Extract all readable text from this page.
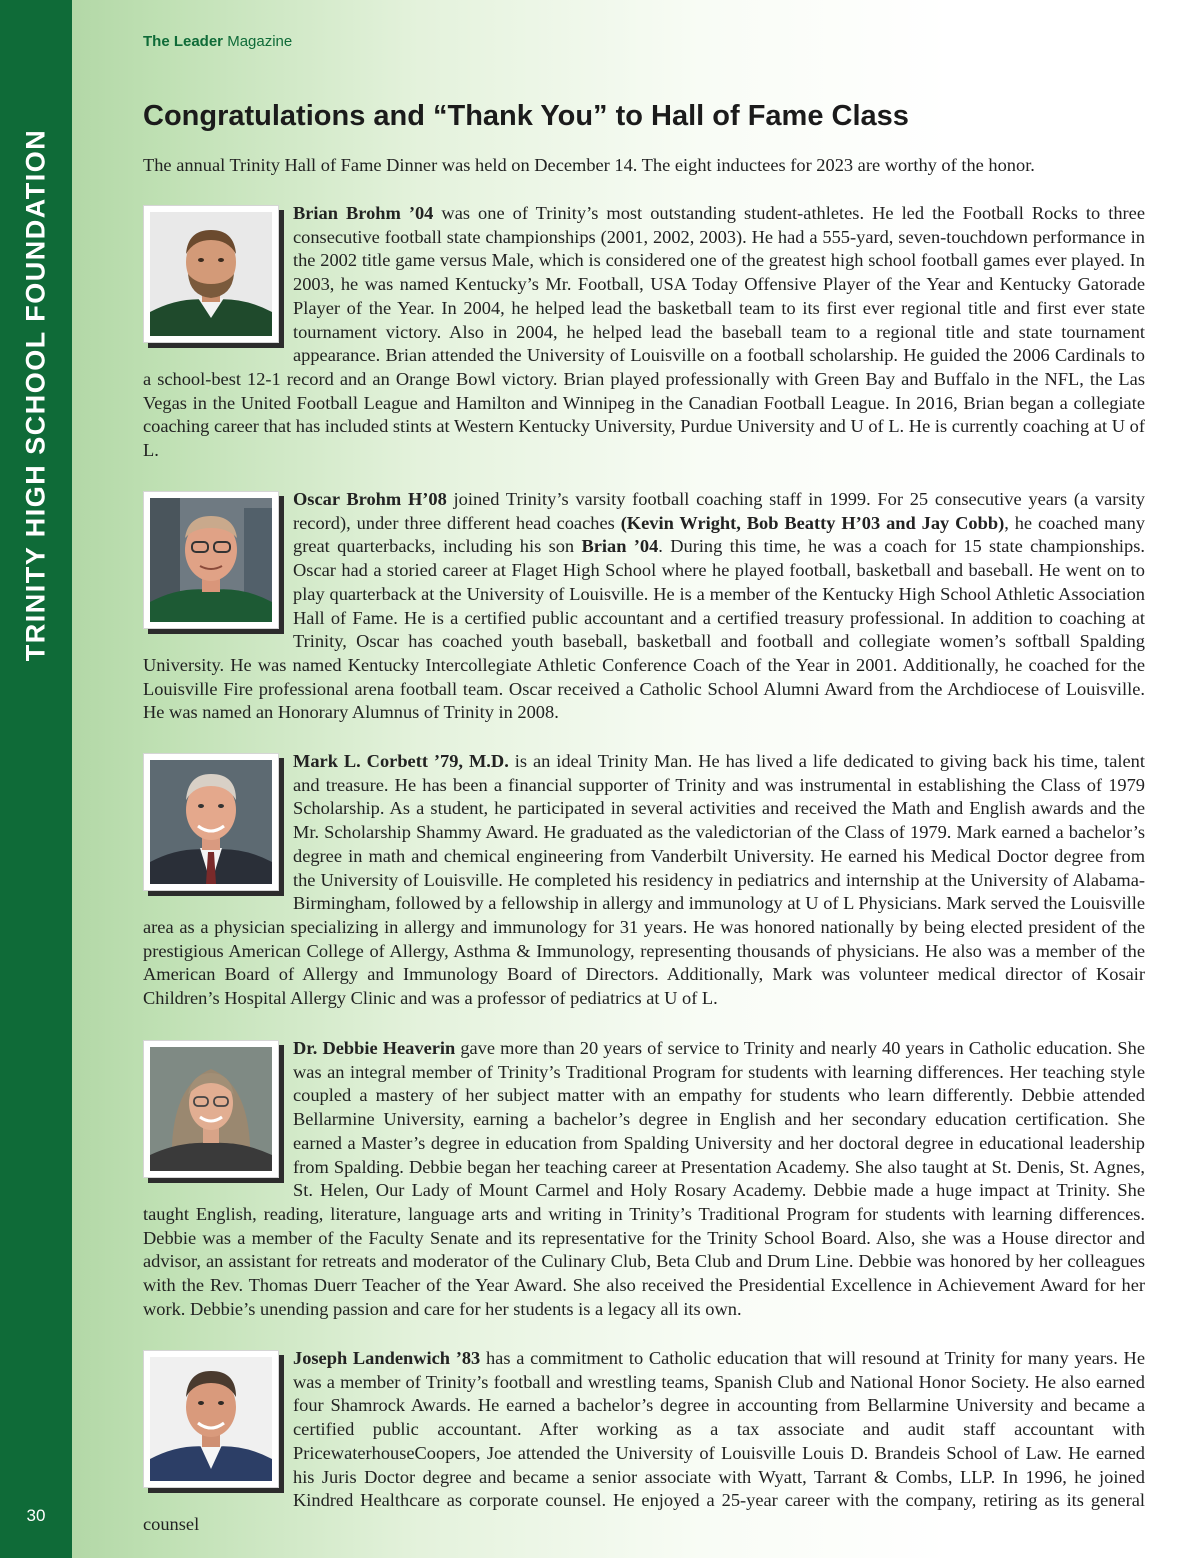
TRINITY HIGH SCHOOL FOUNDATION
30
The Leader Magazine
Congratulations and “Thank You” to Hall of Fame Class
The annual Trinity Hall of Fame Dinner was held on December 14. The eight inductees for 2023 are worthy of the honor.
Brian Brohm ’04 was one of Trinity’s most outstanding student-athletes. He led the Football Rocks to three consecutive football state championships (2001, 2002, 2003). He had a 555-yard, seven-touchdown performance in the 2002 title game versus Male, which is considered one of the greatest high school football games ever played. In 2003, he was named Kentucky’s Mr. Football, USA Today Offensive Player of the Year and Kentucky Gatorade Player of the Year. In 2004, he helped lead the basketball team to its first ever regional title and first ever state tournament victory. Also in 2004, he helped lead the baseball team to a regional title and state tournament appearance. Brian attended the University of Louisville on a football scholarship. He guided the 2006 Cardinals to a school-best 12-1 record and an Orange Bowl victory. Brian played professionally with Green Bay and Buffalo in the NFL, the Las Vegas in the United Football League and Hamilton and Winnipeg in the Canadian Football League. In 2016, Brian began a collegiate coaching career that has included stints at Western Kentucky University, Purdue University and U of L. He is currently coaching at U of L.
Oscar Brohm H’08 joined Trinity’s varsity football coaching staff in 1999. For 25 consecutive years (a varsity record), under three different head coaches (Kevin Wright, Bob Beatty H’03 and Jay Cobb), he coached many great quarterbacks, including his son Brian ’04. During this time, he was a coach for 15 state championships. Oscar had a storied career at Flaget High School where he played football, basketball and baseball. He went on to play quarterback at the University of Louisville. He is a member of the Kentucky High School Athletic Association Hall of Fame. He is a certified public accountant and a certified treasury professional. In addition to coaching at Trinity, Oscar has coached youth baseball, basketball and football and collegiate women’s softball Spalding University. He was named Kentucky Intercollegiate Athletic Conference Coach of the Year in 2001. Additionally, he coached for the Louisville Fire professional arena football team. Oscar received a Catholic School Alumni Award from the Archdiocese of Louisville. He was named an Honorary Alumnus of Trinity in 2008.
Mark L. Corbett ’79, M.D. is an ideal Trinity Man. He has lived a life dedicated to giving back his time, talent and treasure. He has been a financial supporter of Trinity and was instrumental in establishing the Class of 1979 Scholarship. As a student, he participated in several activities and received the Math and English awards and the Mr. Scholarship Shammy Award. He graduated as the valedictorian of the Class of 1979. Mark earned a bachelor’s degree in math and chemical engineering from Vanderbilt University. He earned his Medical Doctor degree from the University of Louisville. He completed his residency in pediatrics and internship at the University of Alabama-Birmingham, followed by a fellowship in allergy and immunology at U of L Physicians. Mark served the Louisville area as a physician specializing in allergy and immunology for 31 years. He was honored nationally by being elected president of the prestigious American College of Allergy, Asthma & Immunology, representing thousands of physicians. He also was a member of the American Board of Allergy and Immunology Board of Directors. Additionally, Mark was volunteer medical director of Kosair Children’s Hospital Allergy Clinic and was a professor of pediatrics at U of L.
Dr. Debbie Heaverin gave more than 20 years of service to Trinity and nearly 40 years in Catholic education. She was an integral member of Trinity’s Traditional Program for students with learning differences. Her teaching style coupled a mastery of her subject matter with an empathy for students who learn differently. Debbie attended Bellarmine University, earning a bachelor’s degree in English and her secondary education certification. She earned a Master’s degree in education from Spalding University and her doctoral degree in educational leadership from Spalding. Debbie began her teaching career at Presentation Academy. She also taught at St. Denis, St. Agnes, St. Helen, Our Lady of Mount Carmel and Holy Rosary Academy. Debbie made a huge impact at Trinity. She taught English, reading, literature, language arts and writing in Trinity’s Traditional Program for students with learning differences. Debbie was a member of the Faculty Senate and its representative for the Trinity School Board. Also, she was a House director and advisor, an assistant for retreats and moderator of the Culinary Club, Beta Club and Drum Line. Debbie was honored by her colleagues with the Rev. Thomas Duerr Teacher of the Year Award. She also received the Presidential Excellence in Achievement Award for her work. Debbie’s unending passion and care for her students is a legacy all its own.
Joseph Landenwich ’83 has a commitment to Catholic education that will resound at Trinity for many years. He was a member of Trinity’s football and wrestling teams, Spanish Club and National Honor Society. He also earned four Shamrock Awards. He earned a bachelor’s degree in accounting from Bellarmine University and became a certified public accountant. After working as a tax associate and audit staff accountant with PricewaterhouseCoopers, Joe attended the University of Louisville Louis D. Brandeis School of Law. He earned his Juris Doctor degree and became a senior associate with Wyatt, Tarrant & Combs, LLP. In 1996, he joined Kindred Healthcare as corporate counsel. He enjoyed a 25-year career with the company, retiring as its general counsel
